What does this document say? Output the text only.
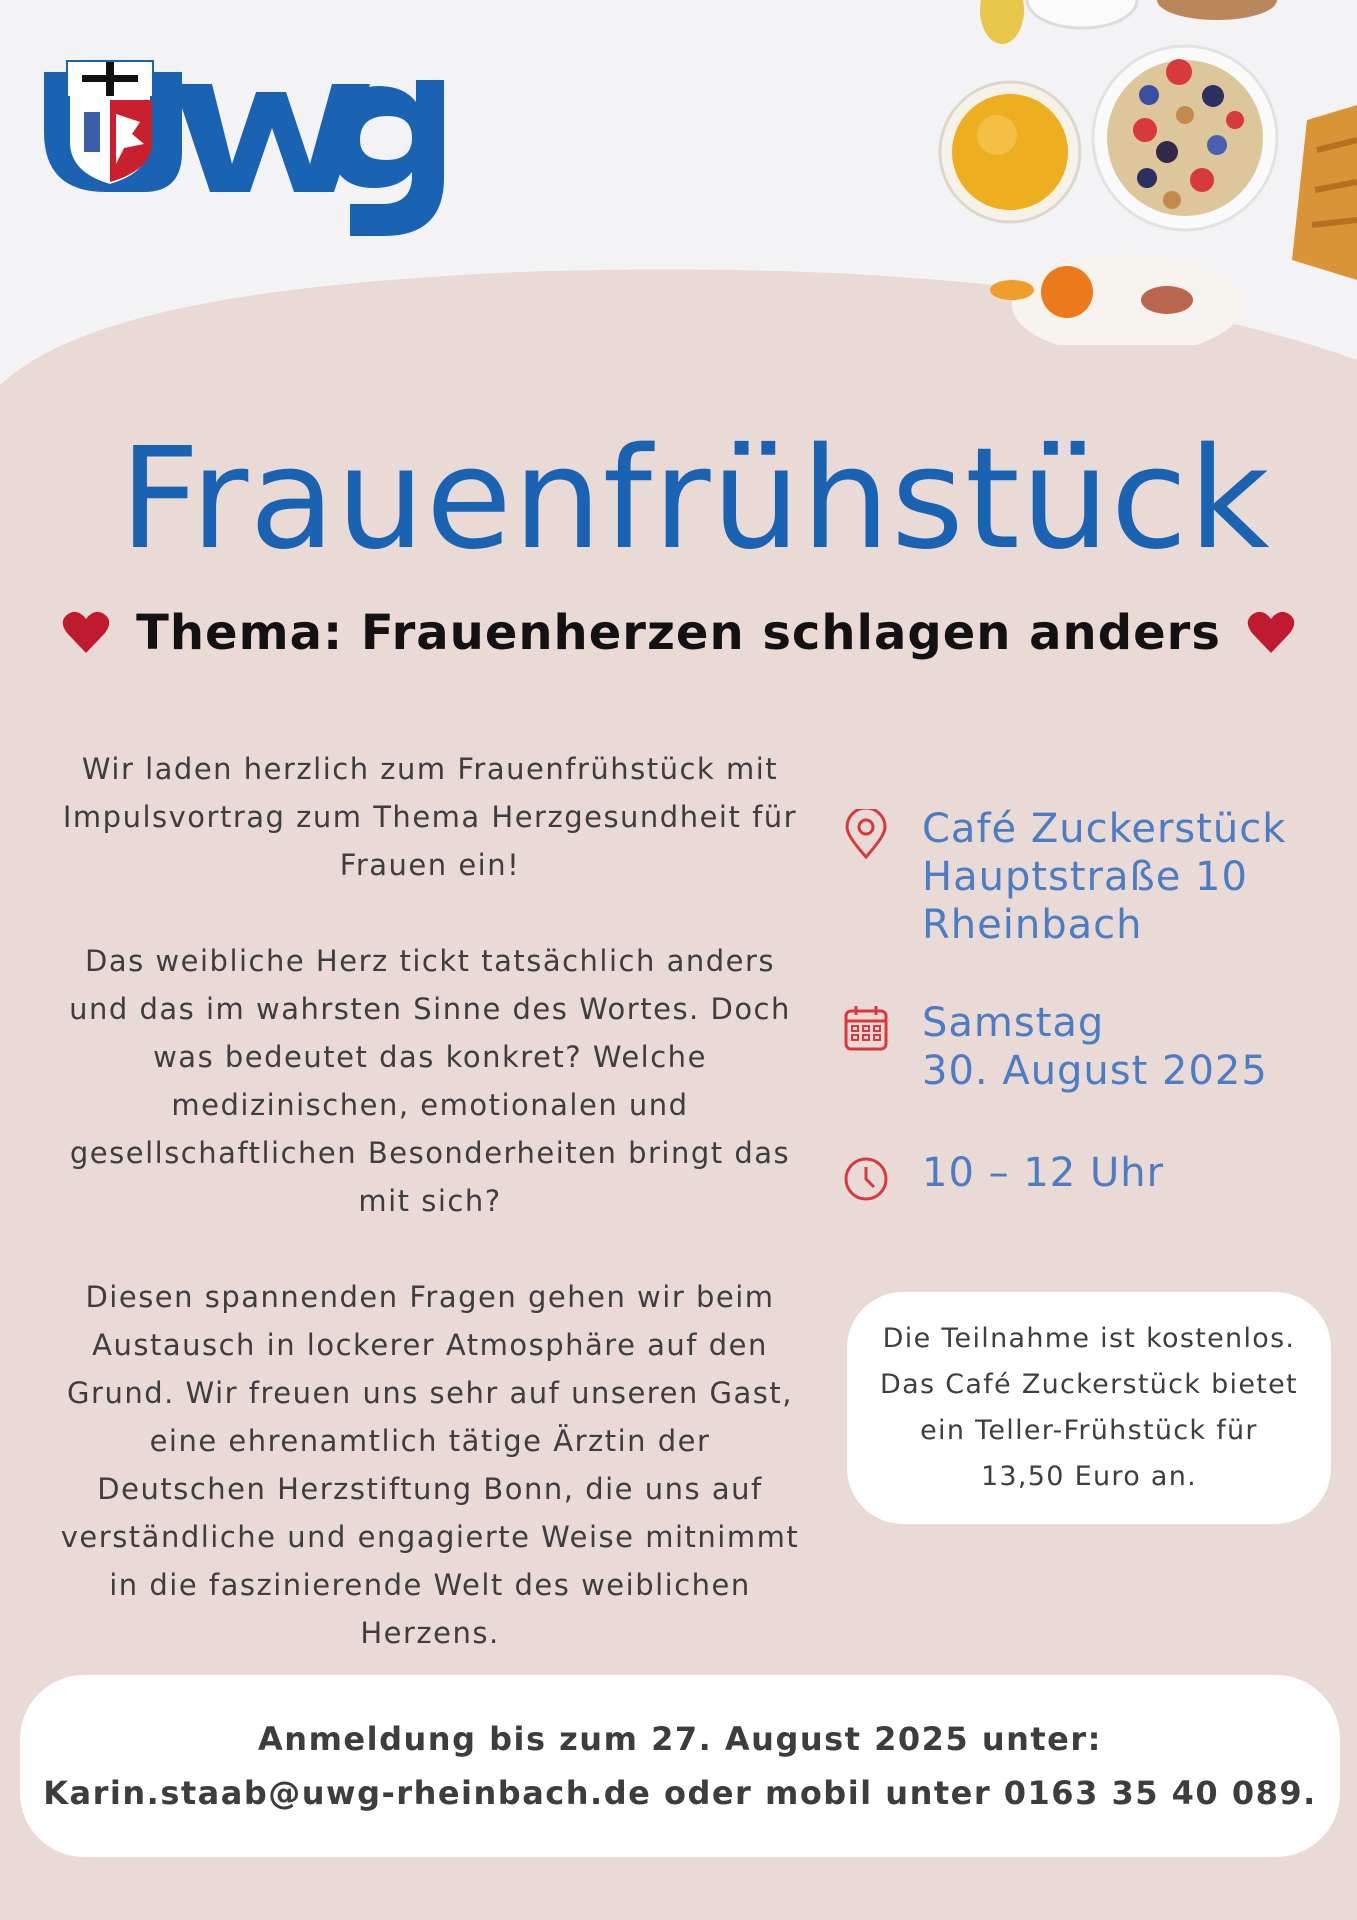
Frauenfrühstück
Thema: Frauenherzen schlagen anders

Wir laden herzlich zum Frauenfrühstück mit Impulsvortrag zum Thema Herzgesundheit für Frauen ein!

Das weibliche Herz tickt tatsächlich anders und das im wahrsten Sinne des Wortes. Doch was bedeutet das konkret? Welche medizinischen, emotionalen und gesellschaftlichen Besonderheiten bringt das mit sich?

Diesen spannenden Fragen gehen wir beim Austausch in lockerer Atmosphäre auf den Grund. Wir freuen uns sehr auf unseren Gast, eine ehrenamtlich tätige Ärztin der Deutschen Herzstiftung Bonn, die uns auf verständliche und engagierte Weise mitnimmt in die faszinierende Welt des weiblichen Herzens.

Café Zuckerstück
Hauptstraße 10
Rheinbach
Samstag
30. August 2025
10 – 12 Uhr
Die Teilnahme ist kostenlos.
Das Café Zuckerstück bietet
ein Teller-Frühstück für
13,50 Euro an.
Anmeldung bis zum 27. August 2025 unter:
Karin.staab@uwg-rheinbach.de oder mobil unter 0163 35 40 089.
